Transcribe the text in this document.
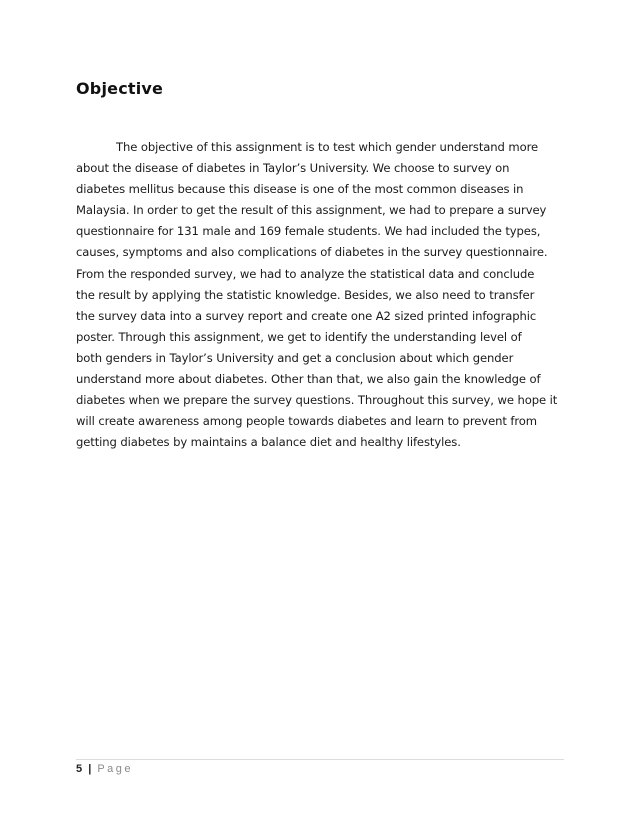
Objective
The objective of this assignment is to test which gender understand more
about the disease of diabetes in Taylor’s University. We choose to survey on
diabetes mellitus because this disease is one of the most common diseases in
Malaysia. In order to get the result of this assignment, we had to prepare a survey
questionnaire for 131 male and 169 female students. We had included the types,
causes, symptoms and also complications of diabetes in the survey questionnaire.
From the responded survey, we had to analyze the statistical data and conclude
the result by applying the statistic knowledge. Besides, we also need to transfer
the survey data into a survey report and create one A2 sized printed infographic
poster. Through this assignment, we get to identify the understanding level of
both genders in Taylor’s University and get a conclusion about which gender
understand more about diabetes. Other than that, we also gain the knowledge of
diabetes when we prepare the survey questions. Throughout this survey, we hope it
will create awareness among people towards diabetes and learn to prevent from
getting diabetes by maintains a balance diet and healthy lifestyles.
5 | Page
